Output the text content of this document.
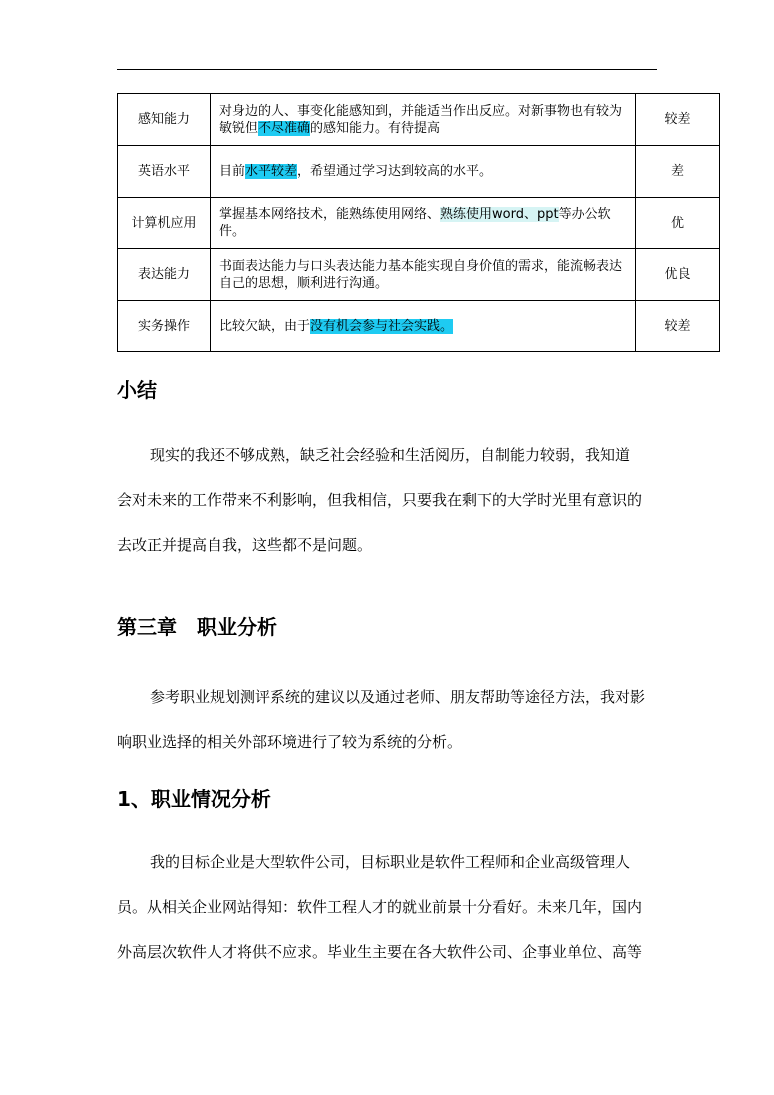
感知能力	对身边的人、事变化能感知到，并能适当作出反应。对新事物也有较为敏锐但不尽准确的感知能力。有待提高	较差
英语水平	目前水平较差，希望通过学习达到较高的水平。	差
计算机应用	掌握基本网络技术，能熟练使用网络、熟练使用word、ppt等办公软件。	优
表达能力	书面表达能力与口头表达能力基本能实现自身价值的需求，能流畅表达自己的思想，顺利进行沟通。	优良
实务操作	比较欠缺，由于没有机会参与社会实践。	较差
小结
现实的我还不够成熟，缺乏社会经验和生活阅历，自制能力较弱，我知道
会对未来的工作带来不利影响，但我相信，只要我在剩下的大学时光里有意识的
去改正并提高自我，这些都不是问题。
第三章　职业分析
参考职业规划测评系统的建议以及通过老师、朋友帮助等途径方法，我对影
响职业选择的相关外部环境进行了较为系统的分析。
1、职业情况分析
我的目标企业是大型软件公司，目标职业是软件工程师和企业高级管理人
员。从相关企业网站得知：软件工程人才的就业前景十分看好。未来几年，国内
外高层次软件人才将供不应求。毕业生主要在各大软件公司、企事业单位、高等
